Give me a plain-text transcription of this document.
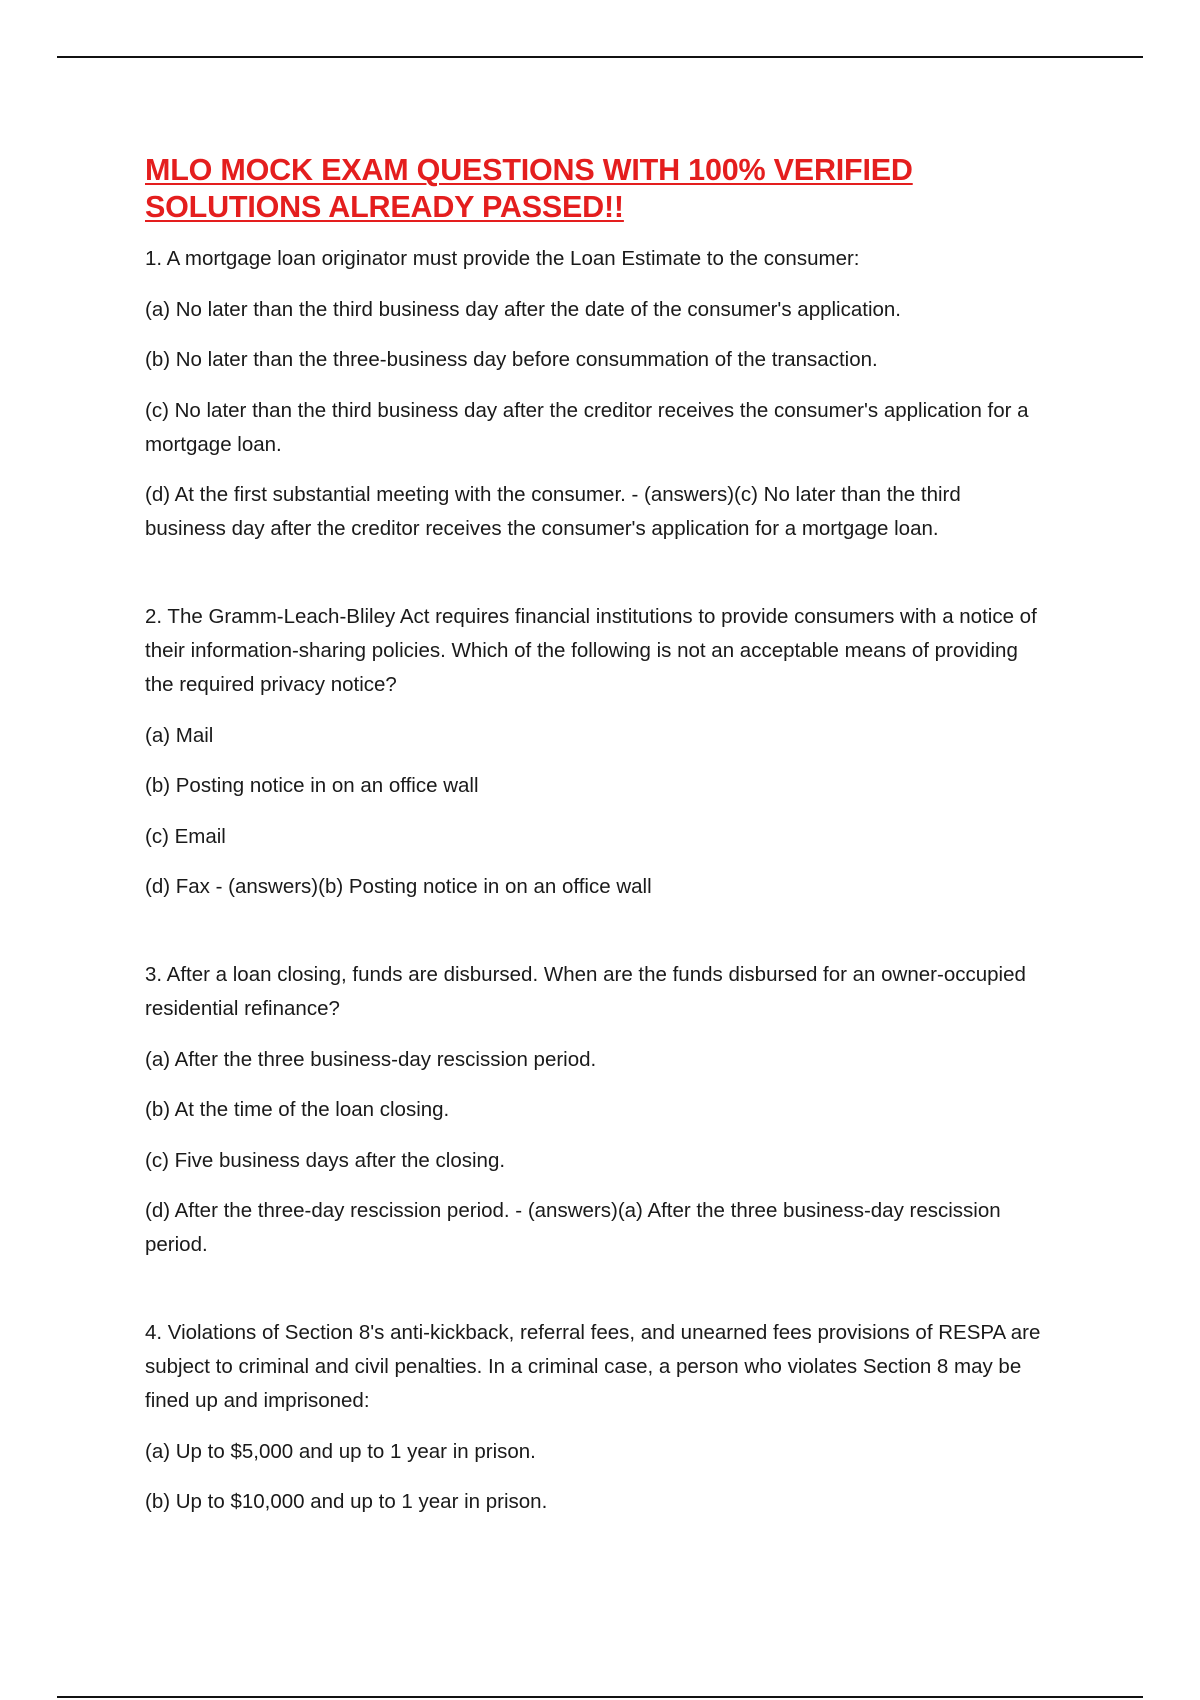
MLO MOCK EXAM QUESTIONS WITH 100% VERIFIED
SOLUTIONS ALREADY PASSED!!
1. A mortgage loan originator must provide the Loan Estimate to the consumer:
(a) No later than the third business day after the date of the consumer's application.
(b) No later than the three-business day before consummation of the transaction.
(c) No later than the third business day after the creditor receives the consumer's application for a mortgage loan.
(d) At the first substantial meeting with the consumer. - (answers)(c) No later than the third business day after the creditor receives the consumer's application for a mortgage loan.
2. The Gramm-Leach-Bliley Act requires financial institutions to provide consumers with a notice of their information-sharing policies. Which of the following is not an acceptable means of providing the required privacy notice?
(a) Mail
(b) Posting notice in on an office wall
(c) Email
(d) Fax - (answers)(b) Posting notice in on an office wall
3. After a loan closing, funds are disbursed. When are the funds disbursed for an owner-occupied residential refinance?
(a) After the three business-day rescission period.
(b) At the time of the loan closing.
(c) Five business days after the closing.
(d) After the three-day rescission period. - (answers)(a) After the three business-day rescission period.
4. Violations of Section 8's anti-kickback, referral fees, and unearned fees provisions of RESPA are subject to criminal and civil penalties. In a criminal case, a person who violates Section 8 may be fined up and imprisoned:
(a) Up to $5,000 and up to 1 year in prison.
(b) Up to $10,000 and up to 1 year in prison.
